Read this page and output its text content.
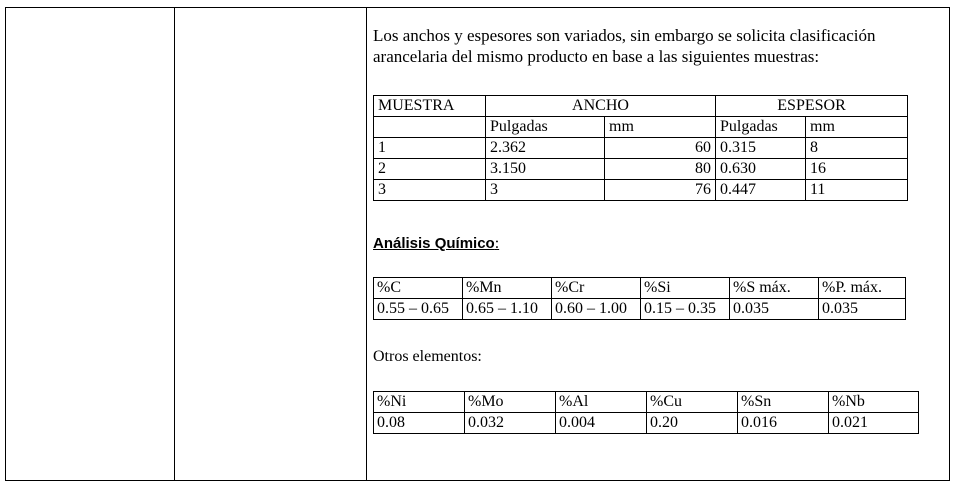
Los anchos y espesores son variados, sin embargo se solicita clasificación
arancelaria del mismo producto en base a las siguientes muestras:

MUESTRA	ANCHO		ESPESOR	
	Pulgadas	mm	Pulgadas	mm
1	2.362	60	0.315	8
2	3.150	80	0.630	16
3	3	76	0.447	11

Análisis Químico:

%C	%Mn	%Cr	%Si	%S máx.	%P. máx.
0.55 – 0.65	0.65 – 1.10	0.60 – 1.00	0.15 – 0.35	0.035	0.035

Otros elementos:

%Ni	%Mo	%Al	%Cu	%Sn	%Nb
0.08	0.032	0.004	0.20	0.016	0.021
